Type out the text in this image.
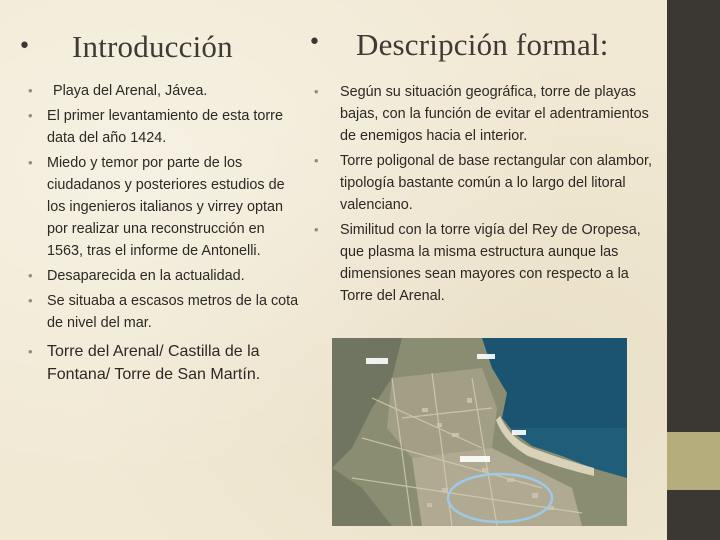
• Introducción	• Descripción formal:
• Playa del Arenal, Jávea.
• El primer levantamiento de esta torre data del año 1424.
• Miedo y temor por parte de los ciudadanos y posteriores estudios de los ingenieros italianos y virrey optan por realizar una reconstrucción en 1563, tras el informe de Antonelli.
• Desaparecida en la actualidad.
• Se situaba a escasos metros de la cota de nivel del mar.
• Torre del Arenal/ Castilla de la Fontana/ Torre de San Martín.
• Según su situación geográfica, torre de playas bajas, con la función de evitar el adentramientos de enemigos hacia el interior.
• Torre poligonal de base rectangular con alambor, tipología bastante común a lo largo del litoral valenciano.
• Similitud con la torre vigía del Rey de Oropesa, que plasma la misma estructura aunque las dimensiones sean mayores con respecto a la Torre del Arenal.
